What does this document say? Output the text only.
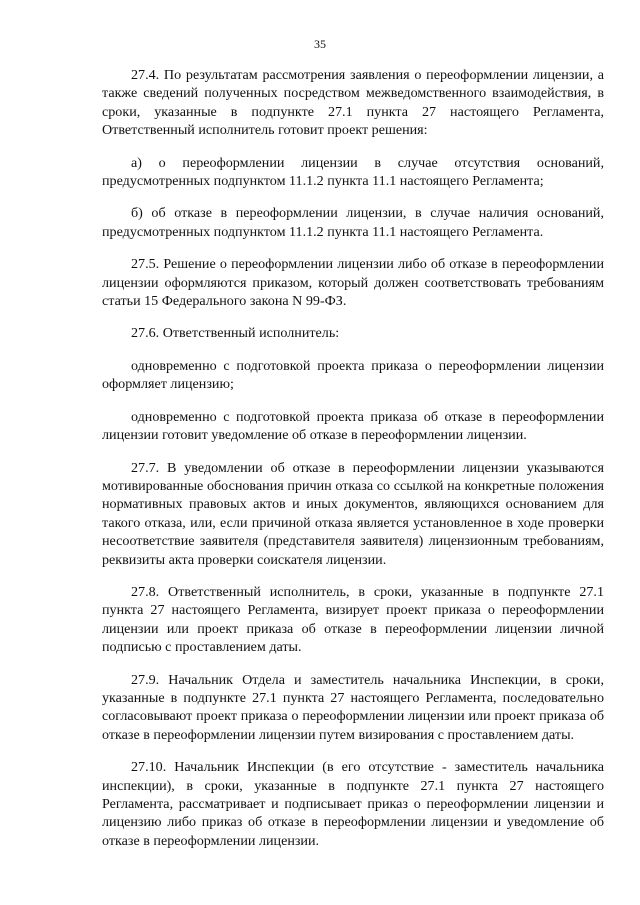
35

27.4. По результатам рассмотрения заявления о переоформлении лицензии, а также сведений полученных посредством межведомственного взаимодействия, в сроки, указанные в подпункте 27.1 пункта 27 настоящего Регламента, Ответственный исполнитель готовит проект решения:

а) о переоформлении лицензии в случае отсутствия оснований, предусмотренных подпунктом 11.1.2 пункта 11.1 настоящего Регламента;

б) об отказе в переоформлении лицензии, в случае наличия оснований, предусмотренных подпунктом 11.1.2 пункта 11.1 настоящего Регламента.

27.5. Решение о переоформлении лицензии либо об отказе в переоформлении лицензии оформляются приказом, который должен соответствовать требованиям статьи 15 Федерального закона N 99-ФЗ.

27.6. Ответственный исполнитель:

одновременно с подготовкой проекта приказа о переоформлении лицензии оформляет лицензию;

одновременно с подготовкой проекта приказа об отказе в переоформлении лицензии готовит уведомление об отказе в переоформлении лицензии.

27.7. В уведомлении об отказе в переоформлении лицензии указываются мотивированные обоснования причин отказа со ссылкой на конкретные положения нормативных правовых актов и иных документов, являющихся основанием для такого отказа, или, если причиной отказа является установленное в ходе проверки несоответствие заявителя (представителя заявителя) лицензионным требованиям, реквизиты акта проверки соискателя лицензии.

27.8. Ответственный исполнитель, в сроки, указанные в подпункте 27.1 пункта 27 настоящего Регламента, визирует проект приказа о переоформлении лицензии или проект приказа об отказе в переоформлении лицензии личной подписью с проставлением даты.

27.9. Начальник Отдела и заместитель начальника Инспекции, в сроки, указанные в подпункте 27.1 пункта 27 настоящего Регламента, последовательно согласовывают проект приказа о переоформлении лицензии или проект приказа об отказе в переоформлении лицензии путем визирования с проставлением даты.

27.10. Начальник Инспекции (в его отсутствие - заместитель начальника инспекции), в сроки, указанные в подпункте 27.1 пункта 27 настоящего Регламента, рассматривает и подписывает приказ о переоформлении лицензии и лицензию либо приказ об отказе в переоформлении лицензии и уведомление об отказе в переоформлении лицензии.
